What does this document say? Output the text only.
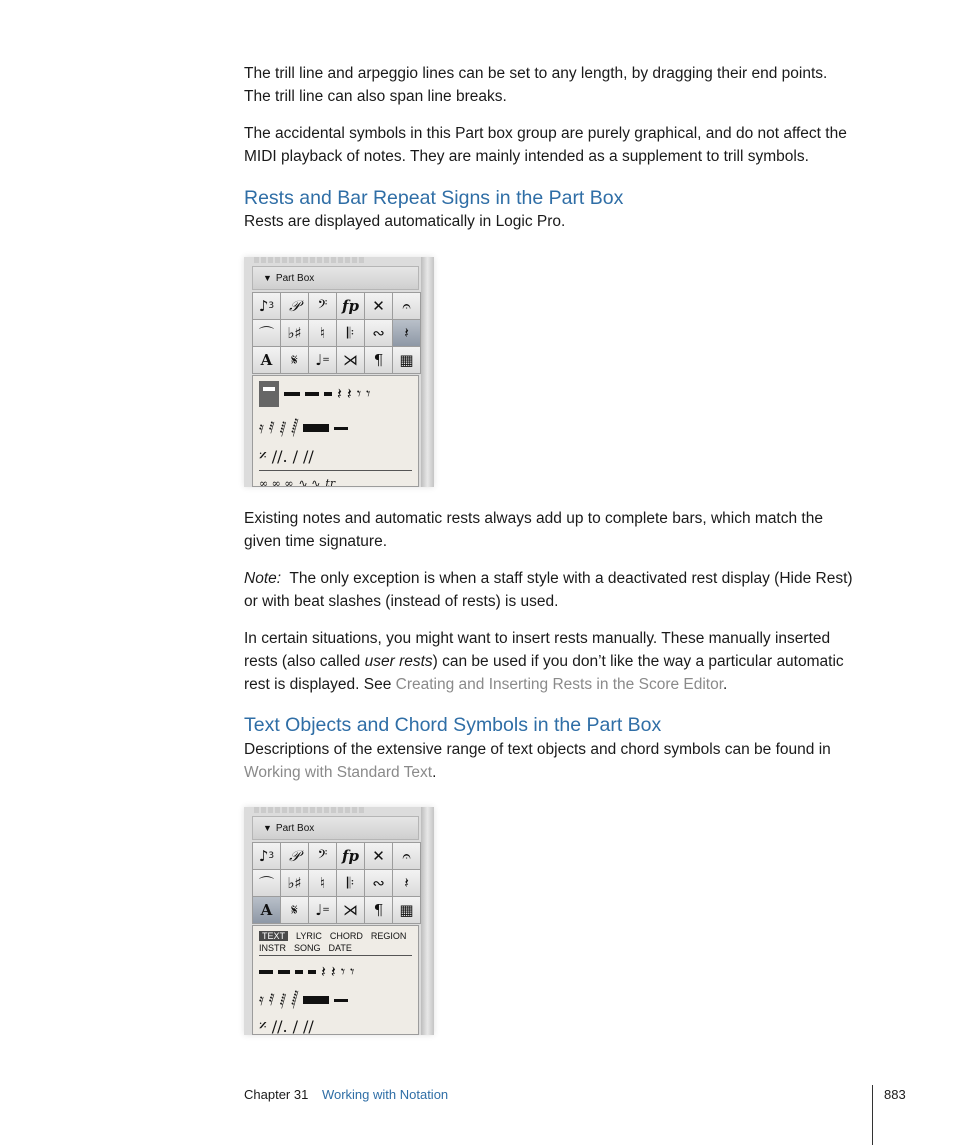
The trill line and arpeggio lines can be set to any length, by dragging their end points.
The trill line can also span line breaks.

The accidental symbols in this Part box group are purely graphical, and do not affect the
MIDI playback of notes. They are mainly intended as a supplement to trill symbols.

Rests and Bar Repeat Signs in the Part Box

Rests are displayed automatically in Logic Pro.

▼ Part Box
♪ 3 𝒫	𝄢 fp ✕	𝄐
⌒ ♭♯	♮	𝄆	∾	𝄽
A	𝄋	♩ = ⋊	¶	▦
𝄽 𝄽 𝄾 𝄾
𝄿 𝅀 𝅁 𝅂
𝄎 //. / //
∞ ∞ ∞ ∿ ∿ tr

Existing notes and automatic rests always add up to complete bars, which match the
given time signature.

Note: The only exception is when a staff style with a deactivated rest display (Hide Rest)
or with beat slashes (instead of rests) is used.

In certain situations, you might want to insert rests manually. These manually inserted
rests (also called user rests) can be used if you don’t like the way a particular automatic
rest is displayed. See Creating and Inserting Rests in the Score Editor.

Text Objects and Chord Symbols in the Part Box

Descriptions of the extensive range of text objects and chord symbols can be found in
Working with Standard Text.

▼ Part Box
♪ 3 𝒫	𝄢 fp ✕	𝄐
⌒ ♭♯	♮	𝄆	∾	𝄽
A	𝄋	♩ = ⋊	¶	▦
TEXT	LYRIC CHORD REGION
INSTR SONG DATE
𝄽 𝄽 𝄾 𝄾
𝄿 𝅀 𝅁 𝅂
𝄎 //. / //
Chapter 31 Working with Notation	883
